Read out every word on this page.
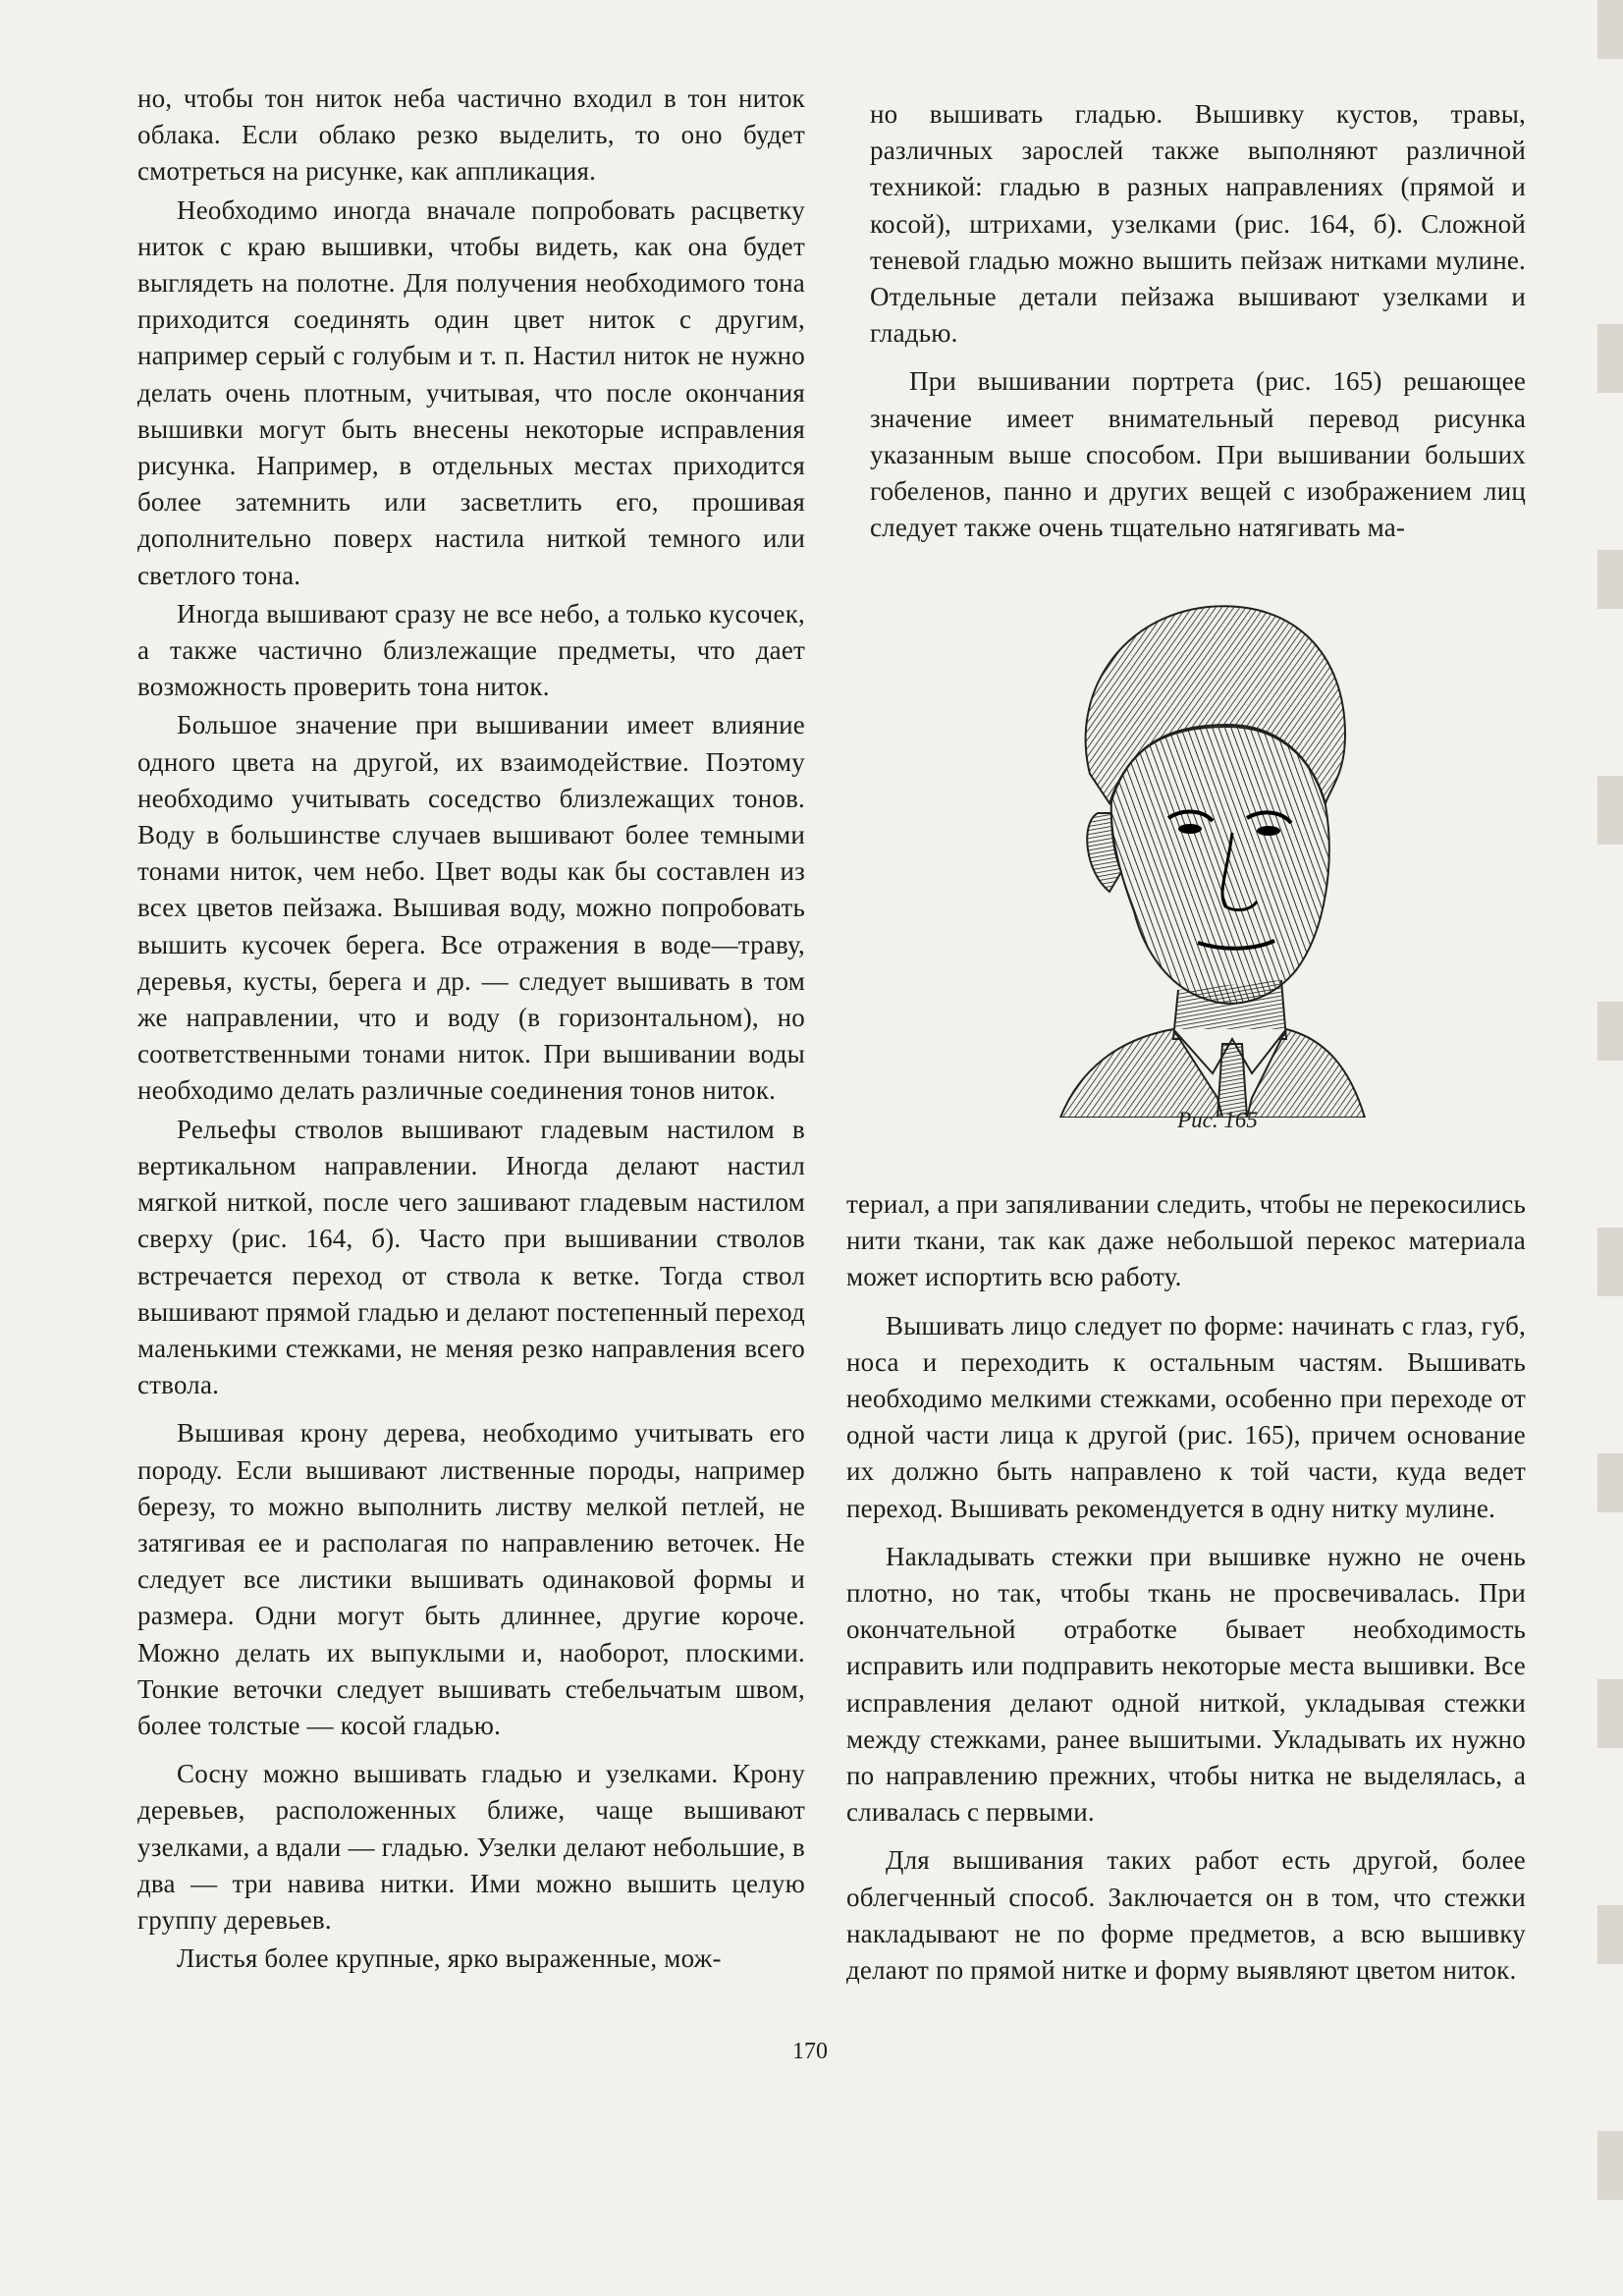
но, чтобы тон ниток неба частично входил в тон ниток облака. Если облако резко выделить, то оно будет смотреться на рисунке, как аппликация.

Необходимо иногда вначале попробовать расцветку ниток с краю вышивки, чтобы видеть, как она будет выглядеть на полотне. Для получения необходимого тона приходится соединять один цвет ниток с другим, например серый с голубым и т. п. Настил ниток не нужно делать очень плотным, учитывая, что после окончания вышивки могут быть внесены некоторые исправления рисунка. Например, в отдельных местах приходится более затемнить или засветлить его, прошивая дополнительно поверх настила ниткой темного или светлого тона.

Иногда вышивают сразу не все небо, а только кусочек, а также частично близлежащие предметы, что дает возможность проверить тона ниток.

Большое значение при вышивании имеет влияние одного цвета на другой, их взаимодействие. Поэтому необходимо учитывать соседство близлежащих тонов. Воду в большинстве случаев вышивают более темными тонами ниток, чем небо. Цвет воды как бы составлен из всех цветов пейзажа. Вышивая воду, можно попробовать вышить кусочек берега. Все отражения в воде—траву, деревья, кусты, берега и др. — следует вышивать в том же направлении, что и воду (в горизонтальном), но соответственными тонами ниток. При вышивании воды необходимо делать различные соединения тонов ниток.

Рельефы стволов вышивают гладевым настилом в вертикальном направлении. Иногда делают настил мягкой ниткой, после чего зашивают гладевым настилом сверху (рис. 164, б). Часто при вышивании стволов встречается переход от ствола к ветке. Тогда ствол вышивают прямой гладью и делают постепенный переход маленькими стежками, не меняя резко направления всего ствола.

Вышивая крону дерева, необходимо учитывать его породу. Если вышивают лиственные породы, например березу, то можно выполнить листву мелкой петлей, не затягивая ее и располагая по направлению веточек. Не следует все листики вышивать одинаковой формы и размера. Одни могут быть длиннее, другие короче. Можно делать их выпуклыми и, наоборот, плоскими. Тонкие веточки следует вышивать стебельчатым швом, более толстые — косой гладью.

Сосну можно вышивать гладью и узелками. Крону деревьев, расположенных ближе, чаще вышивают узелками, а вдали — гладью. Узелки делают небольшие, в два — три навива нитки. Ими можно вышить целую группу деревьев.

Листья более крупные, ярко выраженные, мож-

но вышивать гладью. Вышивку кустов, травы, различных зарослей также выполняют различной техникой: гладью в разных направлениях (прямой и косой), штрихами, узелками (рис. 164, б). Сложной теневой гладью можно вышить пейзаж нитками мулине. Отдельные детали пейзажа вышивают узелками и гладью.

При вышивании портрета (рис. 165) решающее значение имеет внимательный перевод рисунка указанным выше способом. При вышивании больших гобеленов, панно и других вещей с изображением лиц следует также очень тщательно натягивать ма-

Рис. 165

териал, а при запяливании следить, чтобы не перекосились нити ткани, так как даже небольшой перекос материала может испортить всю работу.

Вышивать лицо следует по форме: начинать с глаз, губ, носа и переходить к остальным частям. Вышивать необходимо мелкими стежками, особенно при переходе от одной части лица к другой (рис. 165), причем основание их должно быть направлено к той части, куда ведет переход. Вышивать рекомендуется в одну нитку мулине.

Накладывать стежки при вышивке нужно не очень плотно, но так, чтобы ткань не просвечивалась. При окончательной отработке бывает необходимость исправить или подправить некоторые места вышивки. Все исправления делают одной ниткой, укладывая стежки между стежками, ранее вышитыми. Укладывать их нужно по направлению прежних, чтобы нитка не выделялась, а сливалась с первыми.

Для вышивания таких работ есть другой, более облегченный способ. Заключается он в том, что стежки накладывают не по форме предметов, а всю вышивку делают по прямой нитке и форму выявляют цветом ниток.

170
